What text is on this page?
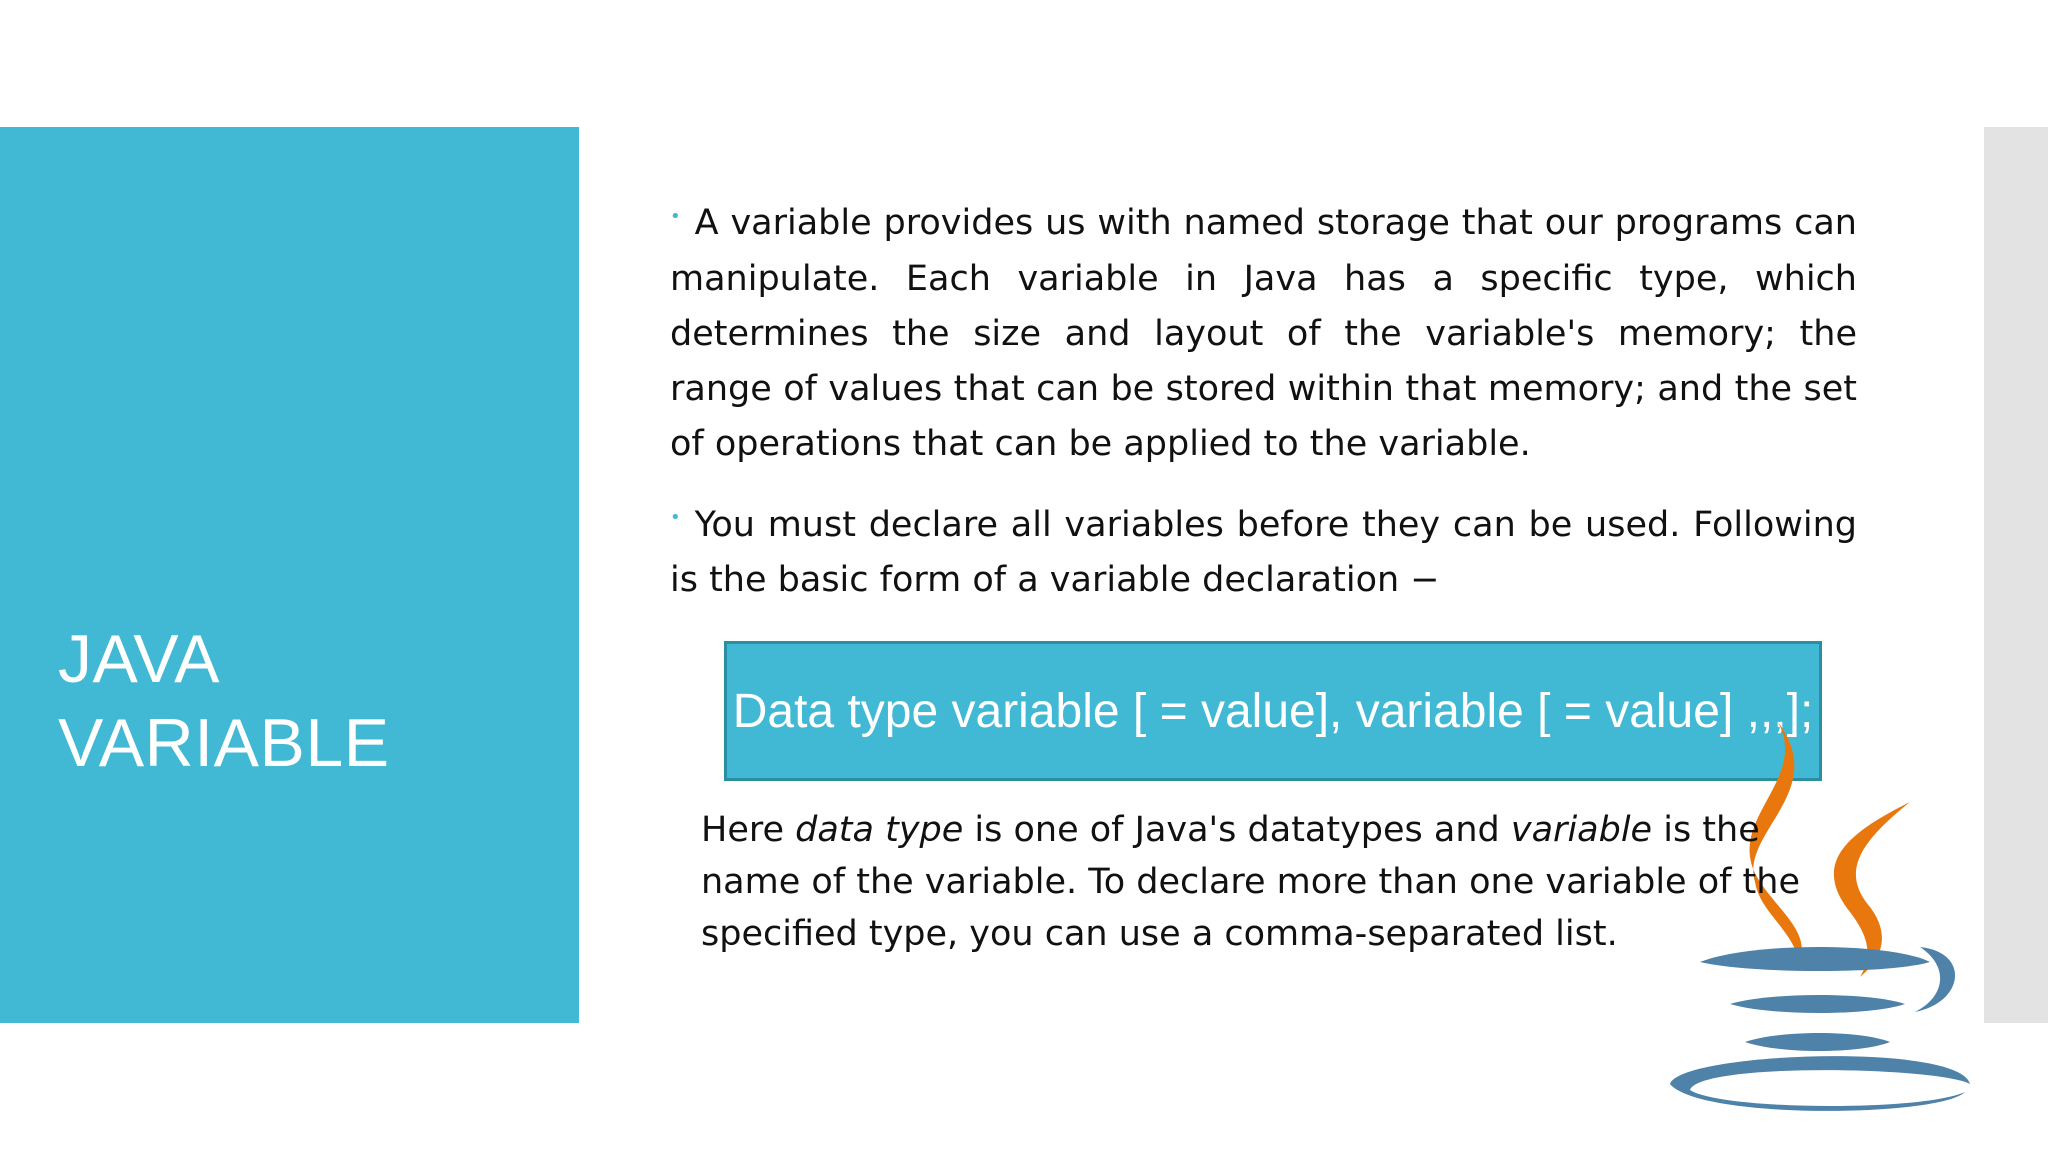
JAVA
VARIABLE

• A variable provides us with named storage that our programs can manipulate. Each variable in Java has a specific type, which determines the size and layout of the variable's memory; the range of values that can be stored within that memory; and the set of operations that can be applied to the variable.

• You must declare all variables before they can be used. Following is the basic form of a variable declaration −

Data type variable [ = value], variable [ = value] ,,,];

Here data type is one of Java's datatypes and variable is the name of the variable. To declare more than one variable of the specified type, you can use a comma-separated list.
